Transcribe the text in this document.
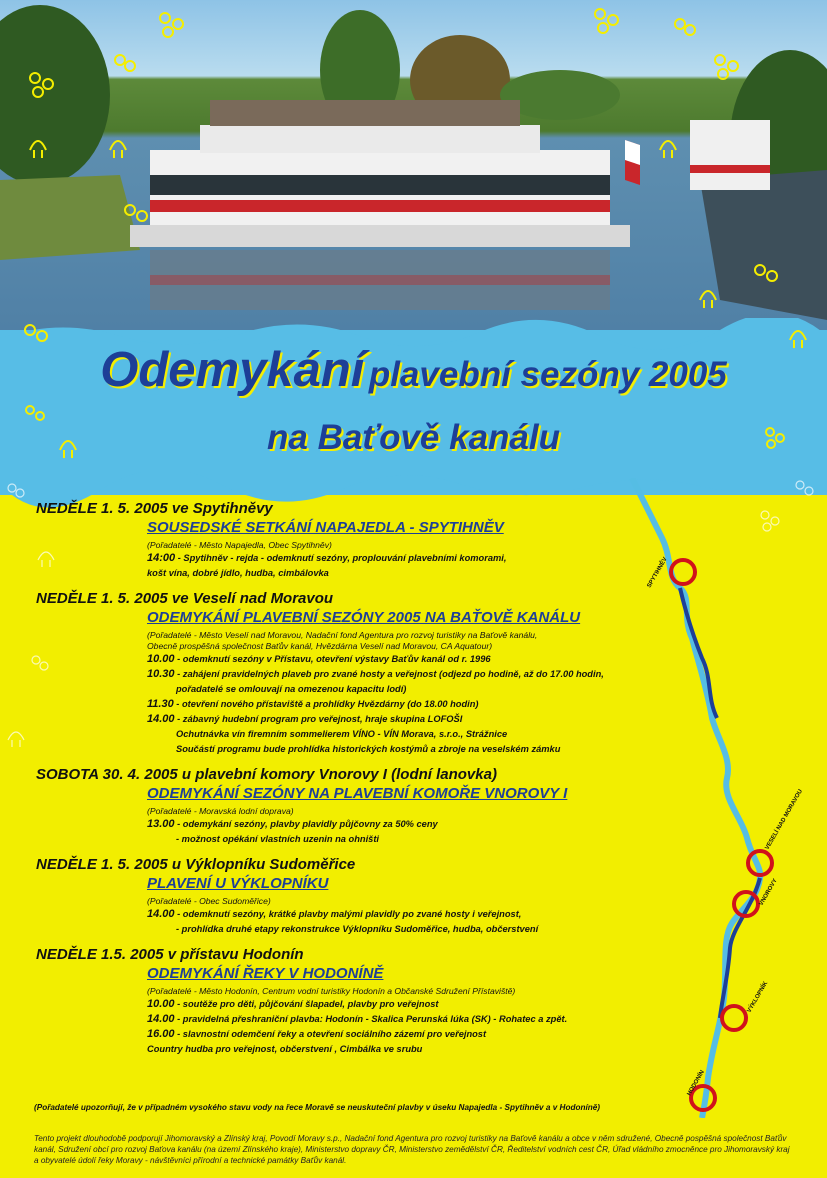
Odemykání plavební sezóny 2005
na Baťově kanálu
NEDĚLE 1. 5. 2005 ve Spytihněvy
SOUSEDSKÉ SETKÁNÍ NAPAJEDLA - SPYTIHNĚV
(Pořadatelé - Město Napajedla, Obec Spytihněv)
14:00 - Spytihněv - rejda - odemknutí sezóny, proplouvání plavebními komorami,
košt vína, dobré jídlo, hudba, cimbálovka
NEDĚLE 1. 5. 2005 ve Veselí nad Moravou
ODEMYKÁNÍ PLAVEBNÍ SEZÓNY 2005 NA BAŤOVĚ KANÁLU
(Pořadatelé - Město Veselí nad Moravou, Nadační fond Agentura pro rozvoj turistiky na Baťově kanálu,
Obecně prospěšná společnost Baťův kanál, Hvězdárna Veselí nad Moravou, CA Aquatour)
10.00 - odemknutí sezóny v Přístavu, otevření výstavy Baťův kanál od r. 1996
10.30 - zahájení pravidelných plaveb pro zvané hosty a veřejnost (odjezd po hodině, až do 17.00 hodin,
pořadatelé se omlouvají na omezenou kapacitu lodí)
11.30 - otevření nového přístaviště a prohlídky Hvězdárny (do 18.00 hodin)
14.00 - zábavný hudební program pro veřejnost, hraje skupina LOFOŠI
Ochutnávka vín firemním sommelierem VÍNO - VÍN Morava, s.r.o., Strážnice
Součástí programu bude prohlídka historických kostýmů a zbroje na veselském zámku
SOBOTA 30. 4. 2005 u plavební komory Vnorovy I (lodní lanovka)
ODEMYKÁNÍ SEZÓNY NA PLAVEBNÍ KOMOŘE VNOROVY I
(Pořadatelé - Moravská lodní doprava)
13.00 - odemykání sezóny, plavby plavidly půjčovny za 50% ceny
- možnost opékání vlastních uzenin na ohništi
NEDĚLE 1. 5. 2005 u Výklopníku Sudoměřice
PLAVENÍ U VÝKLOPNÍKU
(Pořadatelé - Obec Sudoměřice)
14.00 - odemknutí sezóny, krátké plavby malými plavidly po zvané hosty i veřejnost,
- prohlídka druhé etapy rekonstrukce Výklopníku Sudoměřice, hudba, občerstvení
NEDĚLE 1.5. 2005 v přístavu Hodonín
ODEMYKÁNÍ ŘEKY V HODONÍNĚ
(Pořadatelé - Město Hodonín, Centrum vodní turistiky Hodonín a Občanské Sdružení Přístaviště)
10.00 - soutěže pro děti, půjčování šlapadel, plavby pro veřejnost
14.00 - pravidelná přeshraniční plavba: Hodonín - Skalica Perunská lúka (SK) - Rohatec a zpět.
16.00 - slavnostní odemčení řeky a otevření sociálního zázemí pro veřejnost
Country hudba pro veřejnost, občerstvení , Cimbálka ve srubu
(Pořadatelé upozorňují, že v případném vysokého stavu vody na řece Moravě se neuskuteční plavby v úseku Napajedla - Spytihněv a v Hodoníně)
Tento projekt dlouhodobě podporují Jihomoravský a Zlínský kraj, Povodí Moravy s.p., Nadační fond Agentura pro rozvoj turistiky na Baťově kanálu a obce v něm sdružené, Obecně pospěšná společnost Baťův kanál, Sdružení obcí pro rozvoj Baťova kanálu (na území Zlínského kraje), Ministerstvo dopravy ČR, Ministerstvo zemědělství ČR, Ředitelství vodních cest ČR, Úřad vládního zmocněnce pro Jihomoravský kraj a obyvatelé údolí řeky Moravy - návštěvníci přírodní a technické památky Baťův kanál.
SPYTIHNĚV
VESELÍ NAD MORAVOU
VNOROVY
VÝKLOPNÍK
HODONÍN
